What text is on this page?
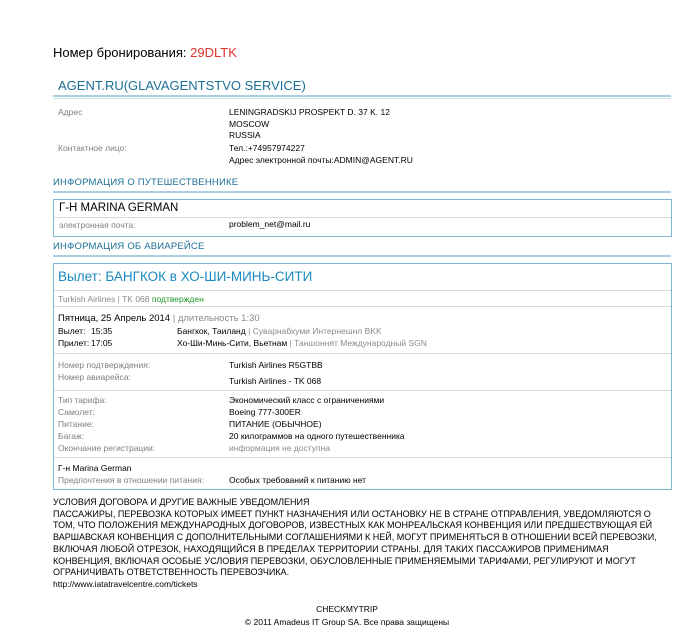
Номер бронирования: 29DLTK
AGENT.RU(GLAVAGENTSTVO SERVICE)
Адрес	LENINGRADSKIJ PROSPEKT D. 37 K. 12
MOSCOW
RUSSIA
Контактное лицо:	Тел.:+74957974227
Адрес электронной почты:ADMIN@AGENT.RU
ИНФОРМАЦИЯ О ПУТЕШЕСТВЕННИКЕ
Г-Н MARINA GERMAN
электронная почта:	problem_net@mail.ru
ИНФОРМАЦИЯ ОБ АВИАРЕЙСЕ
Вылет: БАНГКОК в ХО-ШИ-МИНЬ-СИТИ
Turkish Airlines | TK 068 подтвержден
Пятница, 25 Апрель 2014 | длительность 1:30
Вылет: 15:35	Бангкок, Таиланд | Суварнабхуми Интернешнл BKK
Прилет: 17:05	Хо-Ши-Минь-Сити, Вьетнам | Таншоннят Международный SGN
Номер подтверждения:	Turkish Airlines R5GTBB
Номер авиарейса:	Turkish Airlines - TK 068
Тип тарифа:	Экономический класс с ограничениями
Самолет:	Boeing 777-300ER
Питание:	ПИТАНИЕ (ОБЫЧНОЕ)
Багаж:	20 килограммов на одного путешественника
Окончание регистрации:	информация не доступна
Г-н Marina German
Предпочтения в отношении питания:	Особых требований к питанию нет
УСЛОВИЯ ДОГОВОРА И ДРУГИЕ ВАЖНЫЕ УВЕДОМЛЕНИЯ
ПАССАЖИРЫ, ПЕРЕВОЗКА КОТОРЫХ ИМЕЕТ ПУНКТ НАЗНАЧЕНИЯ ИЛИ ОСТАНОВКУ НЕ В СТРАНЕ ОТПРАВЛЕНИЯ, УВЕДОМЛЯЮТСЯ О
ТОМ, ЧТО ПОЛОЖЕНИЯ МЕЖДУНАРОДНЫХ ДОГОВОРОВ, ИЗВЕСТНЫХ КАК МОНРЕАЛЬСКАЯ КОНВЕНЦИЯ ИЛИ ПРЕДШЕСТВУЮЩАЯ ЕЙ
ВАРШАВСКАЯ КОНВЕНЦИЯ С ДОПОЛНИТЕЛЬНЫМИ СОГЛАШЕНИЯМИ К НЕЙ, МОГУТ ПРИМЕНЯТЬСЯ В ОТНОШЕНИИ ВСЕЙ ПЕРЕВОЗКИ,
ВКЛЮЧАЯ ЛЮБОЙ ОТРЕЗОК, НАХОДЯЩИЙСЯ В ПРЕДЕЛАХ ТЕРРИТОРИИ СТРАНЫ. ДЛЯ ТАКИХ ПАССАЖИРОВ ПРИМЕНИМАЯ
КОНВЕНЦИЯ, ВКЛЮЧАЯ ОСОБЫЕ УСЛОВИЯ ПЕРЕВОЗКИ, ОБУСЛОВЛЕННЫЕ ПРИМЕНЯЕМЫМИ ТАРИФАМИ, РЕГУЛИРУЮТ И МОГУТ
ОГРАНИЧИВАТЬ ОТВЕТСТВЕННОСТЬ ПЕРЕВОЗЧИКА.
http://www.iatatravelcentre.com/tickets
CHECKMYTRIP
© 2011 Amadeus IT Group SA. Все права защищены
